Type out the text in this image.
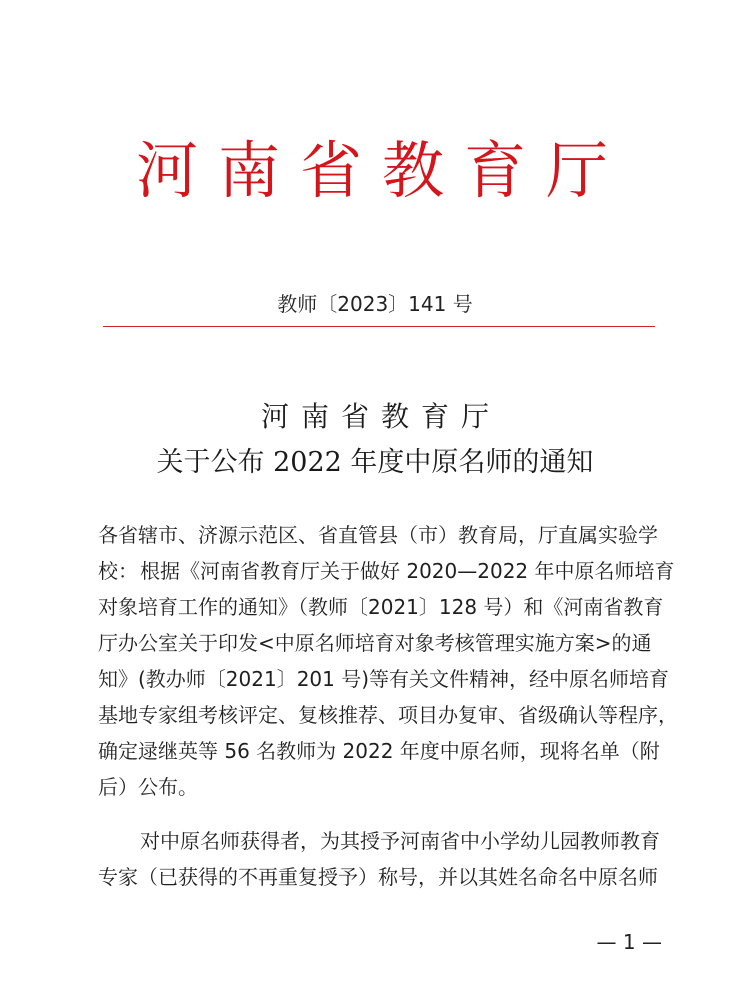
河南省教育厅
教师〔2023〕141 号
河南省教育厅
关于公布 2022 年度中原名师的通知
各省辖市、济源示范区、省直管县（市）教育局，厅直属实验学校： 根据《河南省教育厅关于做好 2020—2022 年中原名师培育对象培育工作的通知》（教师〔2021〕128 号）和《河南省教育厅办公室关于印发<中原名师培育对象考核管理实施方案>的通知》(教办师〔2021〕201 号)等有关文件精神，经中原名师培育基地专家组考核评定、复核推荐、项目办复审、省级确认等程序，确定逯继英等 56 名教师为 2022 年度中原名师，现将名单（附后）公布。
对中原名师获得者，为其授予河南省中小学幼儿园教师教育专家（已获得的不再重复授予）称号，并以其姓名命名中原名师
— 1 —
